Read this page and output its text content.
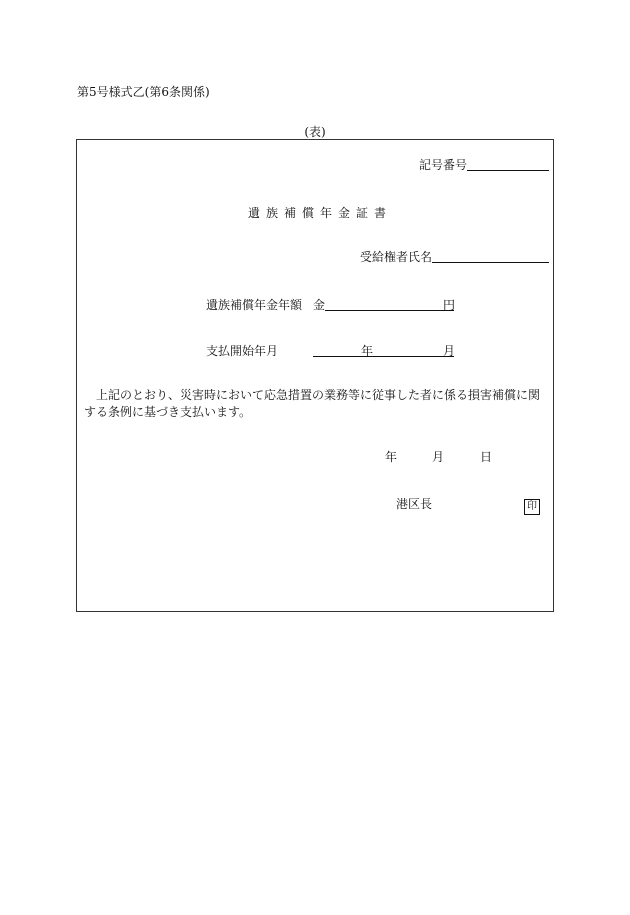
第5号様式乙(第6条関係)
(表)
記号番号
遺族補償年金証書
受給権者氏名
遺族補償年金年額 金	円
支払開始年月	年	月
上記のとおり、災害時において応急措置の業務等に従事した者に係る損害補償に関する条例に基づき支払います。
年	月	日
港区長	印
